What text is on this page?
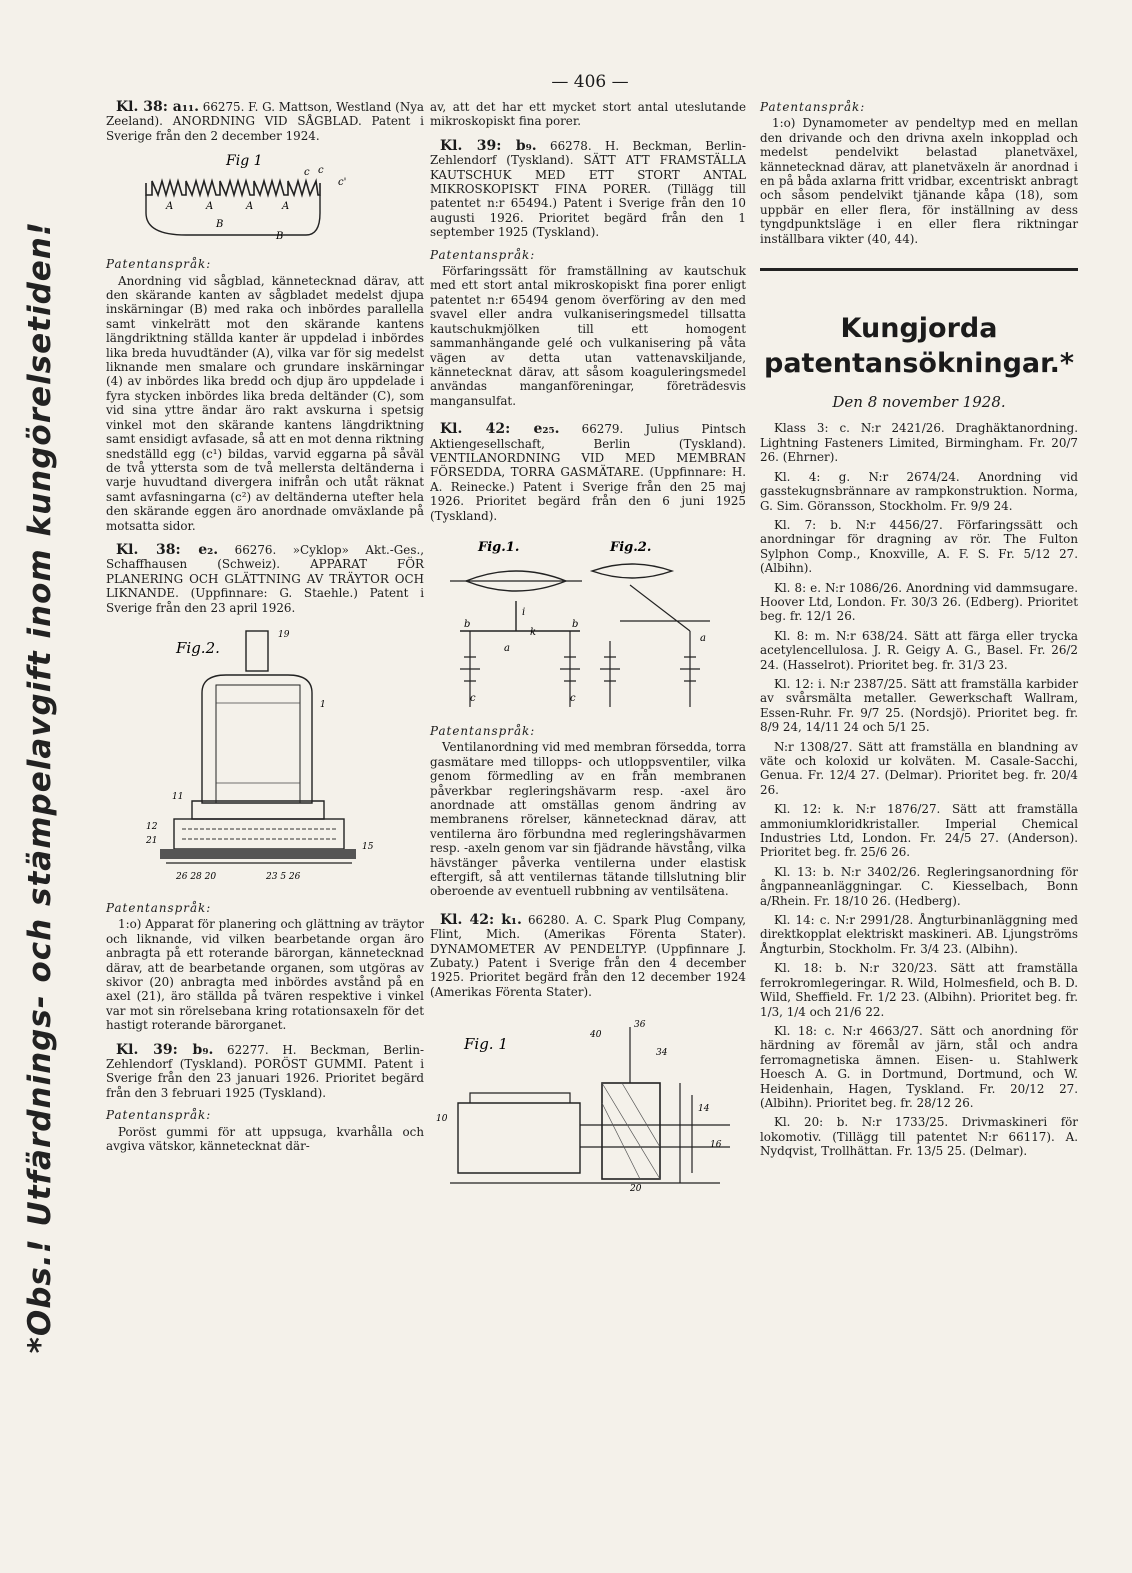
— 406 —
*Obs.! Utfärdnings- och stämpelavgift inom kungörelsetiden!

Kl. 38: a₁₁. 66275. F. G. Mattson, Westland (Nya Zeeland). ANORDNING VID SÅGBLAD. Patent i Sverige från den 2 december 1924.

Fig 1
A	A	A	A
B
B
c c
c'

Patentanspråk:

Anordning vid sågblad, kännetecknad därav, att den skärande kanten av sågbladet medelst djupa inskärningar (B) med raka och inbördes parallella samt vinkelrätt mot den skärande kantens längdriktning ställda kanter är uppdelad i inbördes lika breda huvudtänder (A), vilka var för sig medelst liknande men smalare och grundare inskärningar (4) av inbördes lika bredd och djup äro uppdelade i fyra stycken inbördes lika breda deltänder (C), som vid sina yttre ändar äro rakt avskurna i spetsig vinkel mot den skärande kantens längdriktning samt ensidigt avfasade, så att en mot denna riktning snedställd egg (c¹) bildas, varvid eggarna på såväl de två yttersta som de två mellersta deltänderna i varje huvudtand divergera inifrån och utåt räknat samt avfasningarna (c²) av deltänderna utefter hela den skärande eggen äro anordnade omväxlande på motsatta sidor.

Kl. 38: e₂. 66276. »Cyklop» Akt.-Ges., Schaffhausen (Schweiz). APPARAT FÖR PLANERING OCH GLÄTTNING AV TRÄYTOR OCH LIKNANDE. (Uppfinnare: G. Staehle.) Patent i Sverige från den 23 april 1926.

Fig.2.
19
1
11
12
21
15
26 28 20	23 5 26

Patentanspråk:

1:o) Apparat för planering och glättning av träytor och liknande, vid vilken bearbetande organ äro anbragta på ett roterande bärorgan, kännetecknad därav, att de bearbetande organen, som utgöras av skivor (20) anbragta med inbördes avstånd på en axel (21), äro ställda på tvären respektive i vinkel var mot sin rörelsebana kring rotationsaxeln för det hastigt roterande bärorganet.

Kl. 39: b₉. 62277. H. Beckman, Berlin-Zehlendorf (Tyskland). PORÖST GUMMI. Patent i Sverige från den 23 januari 1926. Prioritet begärd från den 3 februari 1925 (Tyskland).

Patentanspråk:

Poröst gummi för att uppsuga, kvarhålla och avgiva vätskor, kännetecknat där-

av, att det har ett mycket stort antal uteslutande mikroskopiskt fina porer.

Kl. 39: b₉. 66278. H. Beckman, Berlin-Zehlendorf (Tyskland). SÄTT ATT FRAMSTÄLLA KAUTSCHUK MED ETT STORT ANTAL MIKROSKOPISKT FINA PORER. (Tillägg till patentet n:r 65494.) Patent i Sverige från den 10 augusti 1926. Prioritet begärd från den 1 september 1925 (Tyskland).

Patentanspråk:

Förfaringssätt för framställning av kautschuk med ett stort antal mikroskopiskt fina porer enligt patentet n:r 65494 genom överföring av den med svavel eller andra vulkaniseringsmedel tillsatta kautschukmjölken till ett homogent sammanhängande gelé och vulkanisering på våta vägen av detta utan vattenavskiljande, kännetecknat därav, att såsom koaguleringsmedel användas manganföreningar, företrädesvis mangansulfat.

Kl. 42: e₂₅. 66279. Julius Pintsch Aktiengesellschaft, Berlin (Tyskland). VENTILANORDNING VID MED MEMBRAN FÖRSEDDA, TORRA GASMÄTARE. (Uppfinnare: H. A. Reinecke.) Patent i Sverige från den 25 maj 1926. Prioritet begärd från den 6 juni 1925 (Tyskland).

Fig.1.	Fig.2.
i
k
b	b
a
c	c
a

Patentanspråk:

Ventilanordning vid med membran försedda, torra gasmätare med tillopps- och utloppsventiler, vilka genom förmedling av en från membranen påverkbar regleringshävarm resp. -axel äro anordnade att omställas genom ändring av membranens rörelser, kännetecknad därav, att ventilerna äro förbundna med regleringshävarmen resp. -axeln genom var sin fjädrande hävstång, vilka hävstänger påverka ventilerna under elastisk eftergift, så att ventilernas tätande tillslutning blir oberoende av eventuell rubbning av ventilsätena.

Kl. 42: k₁. 66280. A. C. Spark Plug Company, Flint, Mich. (Amerikas Förenta Stater). DYNAMOMETER AV PENDELTYP. (Uppfinnare J. Zubaty.) Patent i Sverige från den 4 december 1925. Prioritet begärd från den 12 december 1924 (Amerikas Förenta Stater).

Fig. 1
36
34
40
10
14
16
20

Patentanspråk:

1:o) Dynamometer av pendeltyp med en mellan den drivande och den drivna axeln inkopplad och medelst pendelvikt belastad planetväxel, kännetecknad därav, att planetväxeln är anordnad i en på båda axlarna fritt vridbar, excentriskt anbragt och såsom pendelvikt tjänande kåpa (18), som uppbär en eller flera, för inställning av dess tyngdpunktsläge i en eller flera riktningar inställbara vikter (40, 44).

Kungjorda patentansökningar.*
Den 8 november 1928.

Klass 3: c. N:r 2421/26. Draghäktanordning. Lightning Fasteners Limited, Birmingham. Fr. 20/7 26. (Ehrner).

Kl. 4: g. N:r 2674/24. Anordning vid gasstekugnsbrännare av rampkonstruktion. Norma, G. Sim. Göransson, Stockholm. Fr. 9/9 24.

Kl. 7: b. N:r 4456/27. Förfaringssätt och anordningar för dragning av rör. The Fulton Sylphon Comp., Knoxville, A. F. S. Fr. 5/12 27. (Albihn).

Kl. 8: e. N:r 1086/26. Anordning vid dammsugare. Hoover Ltd, London. Fr. 30/3 26. (Edberg). Prioritet beg. fr. 12/1 26.

Kl. 8: m. N:r 638/24. Sätt att färga eller trycka acetylencellulosa. J. R. Geigy A. G., Basel. Fr. 26/2 24. (Hasselrot). Prioritet beg. fr. 31/3 23.

Kl. 12: i. N:r 2387/25. Sätt att framställa karbider av svårsmälta metaller. Gewerkschaft Wallram, Essen-Ruhr. Fr. 9/7 25. (Nordsjö). Prioritet beg. fr. 8/9 24, 14/11 24 och 5/1 25.

N:r 1308/27. Sätt att framställa en blandning av väte och koloxid ur kolväten. M. Casale-Sacchi, Genua. Fr. 12/4 27. (Delmar). Prioritet beg. fr. 20/4 26.

Kl. 12: k. N:r 1876/27. Sätt att framställa ammoniumkloridkristaller. Imperial Chemical Industries Ltd, London. Fr. 24/5 27. (Anderson). Prioritet beg. fr. 25/6 26.

Kl. 13: b. N:r 3402/26. Regleringsanordning för ångpanneanläggningar. C. Kiesselbach, Bonn a/Rhein. Fr. 18/10 26. (Hedberg).

Kl. 14: c. N:r 2991/28. Ångturbinanläggning med direktkopplat elektriskt maskineri. AB. Ljungströms Ångturbin, Stockholm. Fr. 3/4 23. (Albihn).

Kl. 18: b. N:r 320/23. Sätt att framställa ferrokromlegeringar. R. Wild, Holmesfield, och B. D. Wild, Sheffield. Fr. 1/2 23. (Albihn). Prioritet beg. fr. 1/3, 1/4 och 21/6 22.

Kl. 18: c. N:r 4663/27. Sätt och anordning för härdning av föremål av järn, stål och andra ferromagnetiska ämnen. Eisen- u. Stahlwerk Hoesch A. G. in Dortmund, Dortmund, och W. Heidenhain, Hagen, Tyskland. Fr. 20/12 27. (Albihn). Prioritet beg. fr. 28/12 26.

Kl. 20: b. N:r 1733/25. Drivmaskineri för lokomotiv. (Tillägg till patentet N:r 66117). A. Nydqvist, Trollhättan. Fr. 13/5 25. (Delmar).
